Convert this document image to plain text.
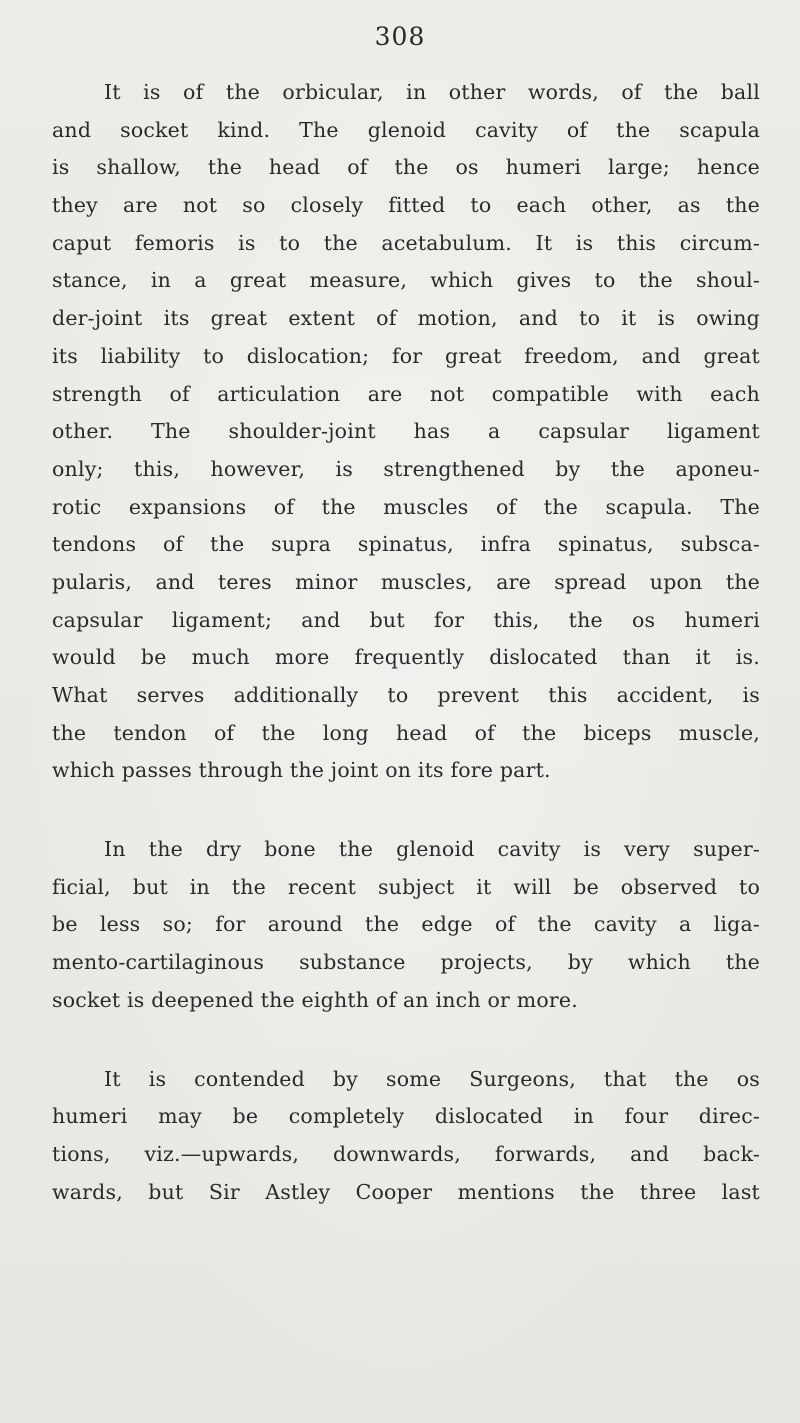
308
It is of the orbicular, in other words, of the ball
and socket kind. The glenoid cavity of the scapula
is shallow, the head of the os humeri large; hence
they are not so closely fitted to each other, as the
caput femoris is to the acetabulum. It is this circum-
stance, in a great measure, which gives to the shoul-
der-joint its great extent of motion, and to it is owing
its liability to dislocation; for great freedom, and great
strength of articulation are not compatible with each
other. The shoulder-joint has a capsular ligament
only; this, however, is strengthened by the aponeu-
rotic expansions of the muscles of the scapula. The
tendons of the supra spinatus, infra spinatus, subsca-
pularis, and teres minor muscles, are spread upon the
capsular ligament; and but for this, the os humeri
would be much more frequently dislocated than it is.
What serves additionally to prevent this accident, is
the tendon of the long head of the biceps muscle,
which passes through the joint on its fore part.
In the dry bone the glenoid cavity is very super-
ficial, but in the recent subject it will be observed to
be less so; for around the edge of the cavity a liga-
mento-cartilaginous substance projects, by which the
socket is deepened the eighth of an inch or more.
It is contended by some Surgeons, that the os
humeri may be completely dislocated in four direc-
tions, viz.—upwards, downwards, forwards, and back-
wards, but Sir Astley Cooper mentions the three last
